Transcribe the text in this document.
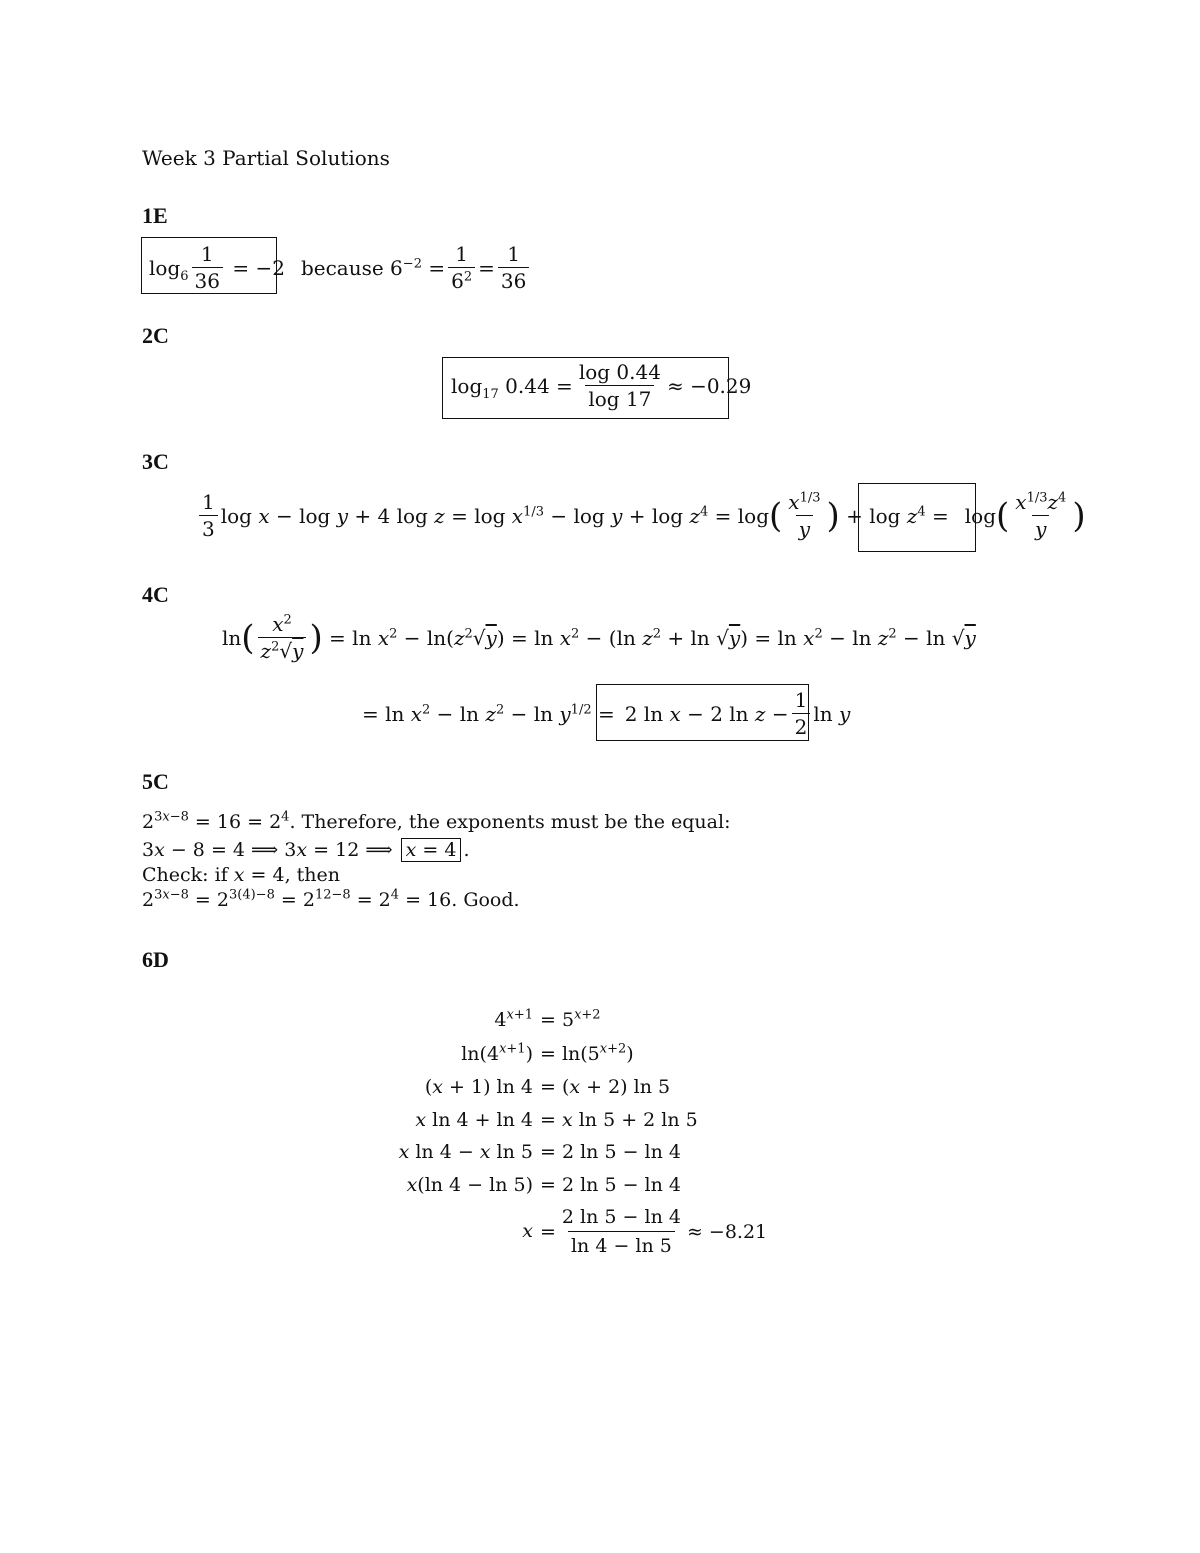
Week 3 Partial Solutions
1E
$\log_6 \frac{1}{36} = -2$ because $6^{-2} = \frac{1}{6^2} = \frac{1}{36}$
2C
$\log_{17} 0.44 = \frac{\log 0.44}{\log 17} \approx -0.29$
3C
$\frac{1}{3}$ log x − log y + 4 $\log z = \log x^{1/3} - \log y + \log z^4 = \log$ ( $\frac{x^{1/3}}{y}$ ) + $\log z^4 = \log$ ( $\frac{x^{1/3}z^4}{y}$ )
4C
ln ( $\frac{x^2}{z^2√y}$ ) = $\ln x^2 - \ln(z^2√y) = \ln x^2 - (\ln$ $z^2 + \ln √y) = \ln x^2 - \ln z^2 - \ln √y$
= $\ln x^2 - \ln z^2 - \ln y^{1/2} = 2$ ln x − 2 $\ln z - \frac{1}{2}$ ln y
5C
$2^{3x-8} = 16 = 2^4$. Therefore, the exponents must be the equal:
3x − 8 = 4 ⟹ 3x = 12 ⟹ x = 4 .
Check: if x = 4, then
$2^{3x-8} = 2^{3(4)-8} = 2^{12-8} = 2^4 = 16$. Good.
6D
$4^{x+1} = 5^{x+2}$
$\ln(4^{x+1}) = \ln(5^{x+2})$
(x + 1) ln 4 = (x + 2) ln 5
x ln 4 + ln 4 = x ln 5 + 2 ln 5
x ln 4 − x ln 5 = 2 ln 5 − ln 4
x(ln 4 − ln 5) = 2 ln 5 − ln 4
$x = \frac{2 \ln 5 - \ln 4}{\ln 4 - \ln 5} \approx -8.21$
